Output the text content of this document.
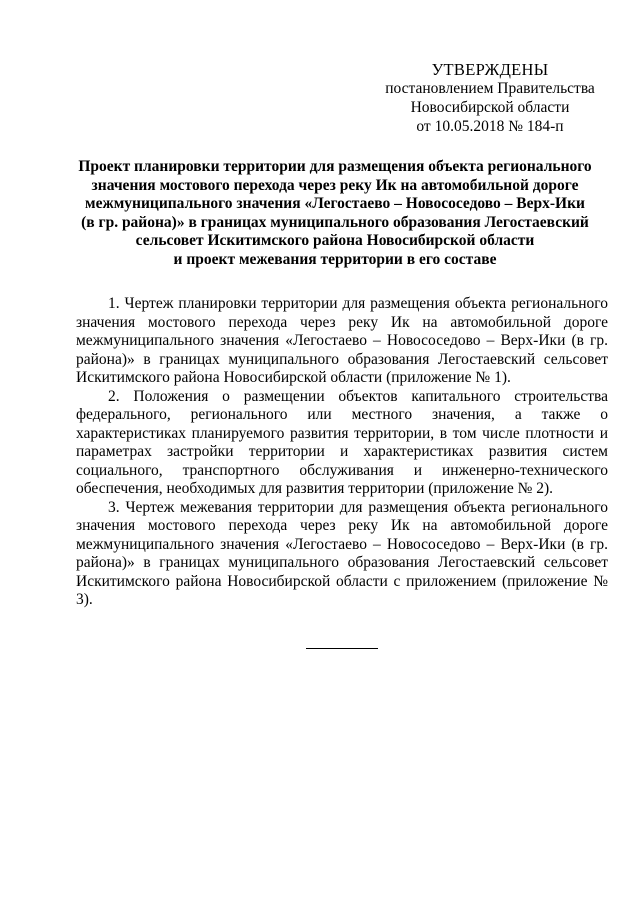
УТВЕРЖДЕНЫ
постановлением Правительства
Новосибирской области
от 10.05.2018 № 184-п
Проект планировки территории для размещения объекта регионального
значения мостового перехода через реку Ик на автомобильной дороге
межмуниципального значения «Легостаево – Новососедово – Верх-Ики
(в гр. района)» в границах муниципального образования Легостаевский
сельсовет Искитимского района Новосибирской области
и проект межевания территории в его составе

1. Чертеж планировки территории для размещения объекта регионального значения мостового перехода через реку Ик на автомобильной дороге межмуниципального значения «Легостаево – Новососедово – Верх-Ики (в гр. района)» в границах муниципального образования Легостаевский сельсовет Искитимского района Новосибирской области (приложение № 1).

2. Положения о размещении объектов капитального строительства федерального, регионального или местного значения, а также о характеристиках планируемого развития территории, в том числе плотности и параметрах застройки территории и характеристиках развития систем социального, транспортного обслуживания и инженерно-технического обеспечения, необходимых для развития территории (приложение № 2).

3. Чертеж межевания территории для размещения объекта регионального значения мостового перехода через реку Ик на автомобильной дороге межмуниципального значения «Легостаево – Новососедово – Верх-Ики (в гр. района)» в границах муниципального образования Легостаевский сельсовет Искитимского района Новосибирской области с приложением (приложение № 3).
